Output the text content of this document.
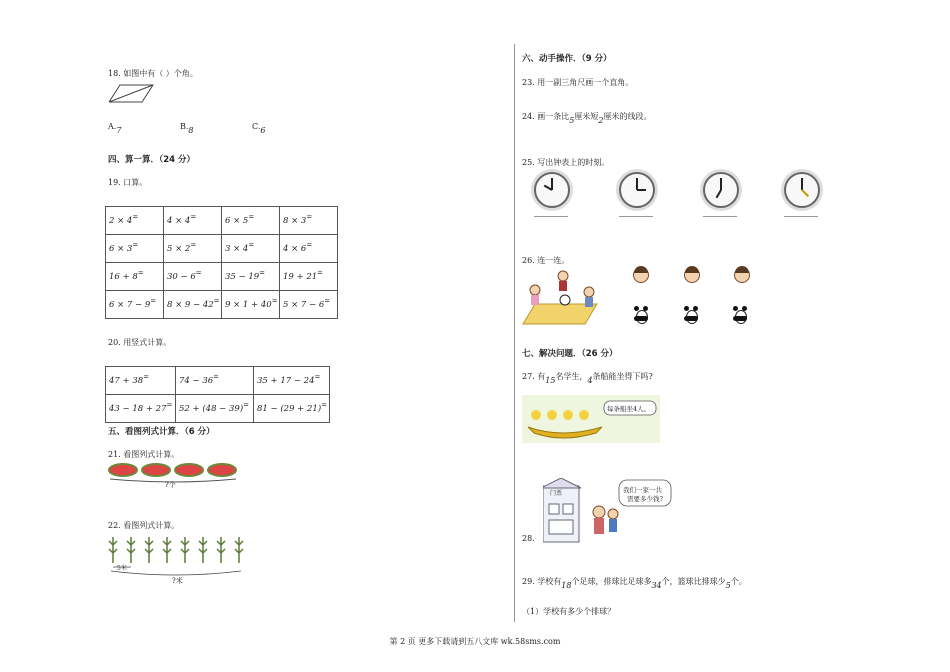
18. 如图中有（ ）个角。
A.7	B.8	C.6
四、算一算．（24 分）
19. 口算。
2 × 4=	4 × 4=	6 × 5=	8 × 3=
6 × 3=	5 × 2=	3 × 4=	4 × 6=
16 + 8=	30 − 6=	35 − 19=	19 + 21=
6 × 7 − 9=	8 × 9 − 42=	9 × 1 + 40=	5 × 7 − 6=
20. 用竖式计算。
47 + 38=	74 − 36=	35 + 17 − 24=
43 − 18 + 27=	52 + (48 − 39)=	81 − (29 + 21)=
五、看图列式计算．（6 分）
21. 看图列式计算。
?个
22. 看图列式计算。
5米
?米
六、动手操作．（9 分）
23. 用一副三角尺画一个直角。
24. 画一条比5厘米短2厘米的线段。
25. 写出钟表上的时刻。
26. 连一连。
七、解决问题．（26 分）
27. 有15名学生，4条船能坐得下吗?
每条船坐4人。
门票	我们一家一共
需要多少钱?
28.
29. 学校有18个足球，排球比足球多34个，篮球比排球少5个。
（1）学校有多少个排球？
第 2 页 更多下载请到五八文库 wk.58sms.com
